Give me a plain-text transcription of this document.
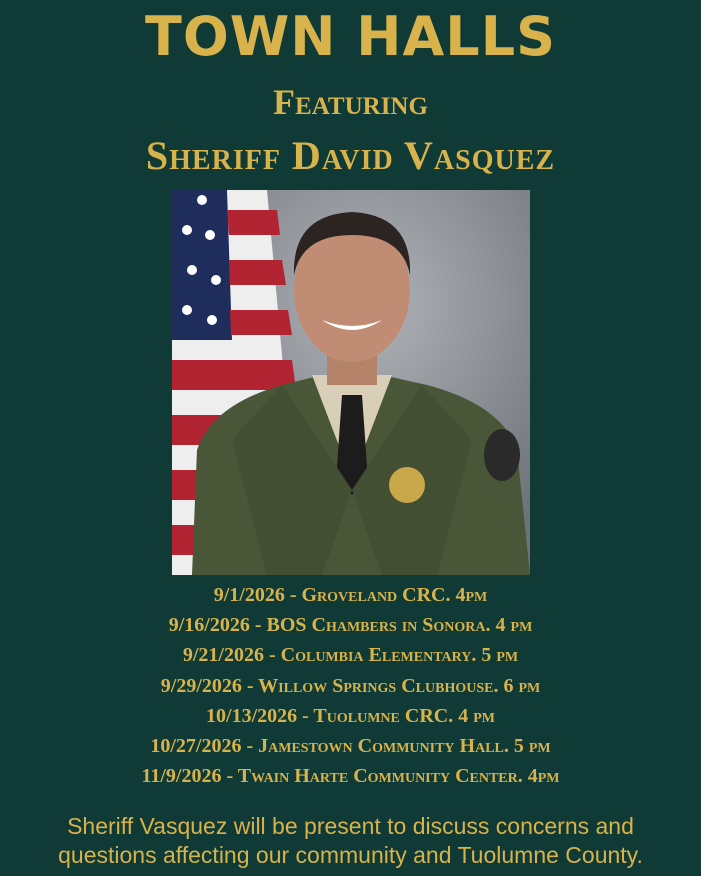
TOWN HALLS
Featuring
Sheriff David Vasquez
9/1/2026 - Groveland CRC. 4pm
9/16/2026 - BOS Chambers in Sonora. 4 pm
9/21/2026 - Columbia Elementary. 5 pm
9/29/2026 - Willow Springs Clubhouse. 6 pm
10/13/2026 - Tuolumne CRC. 4 pm
10/27/2026 - Jamestown Community Hall. 5 pm
11/9/2026 - Twain Harte Community Center. 4pm
Sheriff Vasquez will be present to discuss concerns and
questions affecting our community and Tuolumne County.
